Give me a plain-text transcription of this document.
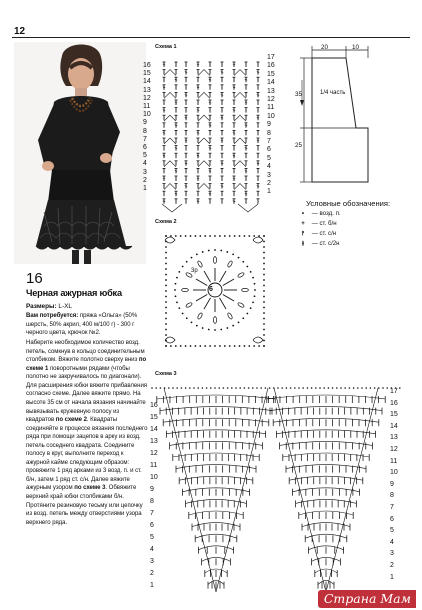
12
16
Черная ажурная юбка
Размеры: L-XL

Вам потребуется: пряжа «Ольга» (50% шерсть, 50% акрил, 400 м/100 г) - 300 г черного цвета, крючок №2.

Наберите необходимое количество возд. петель, сомкнув в кольцо соединительным столбиком. Вяжите полотно сверху вниз по схеме 1 поворотными рядами (чтобы полотно не закручивалось по диагонали). Для расширения юбки вяжите прибавления согласно схеме. Далее вяжите прямо. На высоте 35 см от начала вязания начинайте вывязывать кружевную полосу из квадратов по схеме 2. Квадраты соединяйте в процессе вязания последнего ряда при помощи зацепов в арку из возд. петель соседнего квадрата. Соедините полосу в круг, выполните переход к ажурной кайме следующим образом: провяжите 1 ряд арками из 3 возд. п. и ст. б/н, затем 1 ряд ст. с/н. Далее вяжите ажурным узором по схеме 3. Обвяжите верхний край юбки столбиками б/н. Протяните резиновую тесьму или цепочку из возд. петель между отверстиями узора верхнего ряда.

Схема 1
Схема 2
Схема 3
16
15
14
13
12
11
10
9
8
7
6
5
4
3
2
1
17
16
15
14
13
12
11
10
9
8
7
6
5
4
3
2
1
6
3р
16
15
14
13
12
11
10
9
8
7
6
5
4
3
2
1
17
16
15
14
13
12
11
10
9
8
7
6
5
4
3
2
1
20	10
35
25
1/4 часть
Условные обозначения:
• — возд. п.
+ — ст. б/н
⫯ — ст. с/н
⫲ — ст. с/2н
Страна Мам
